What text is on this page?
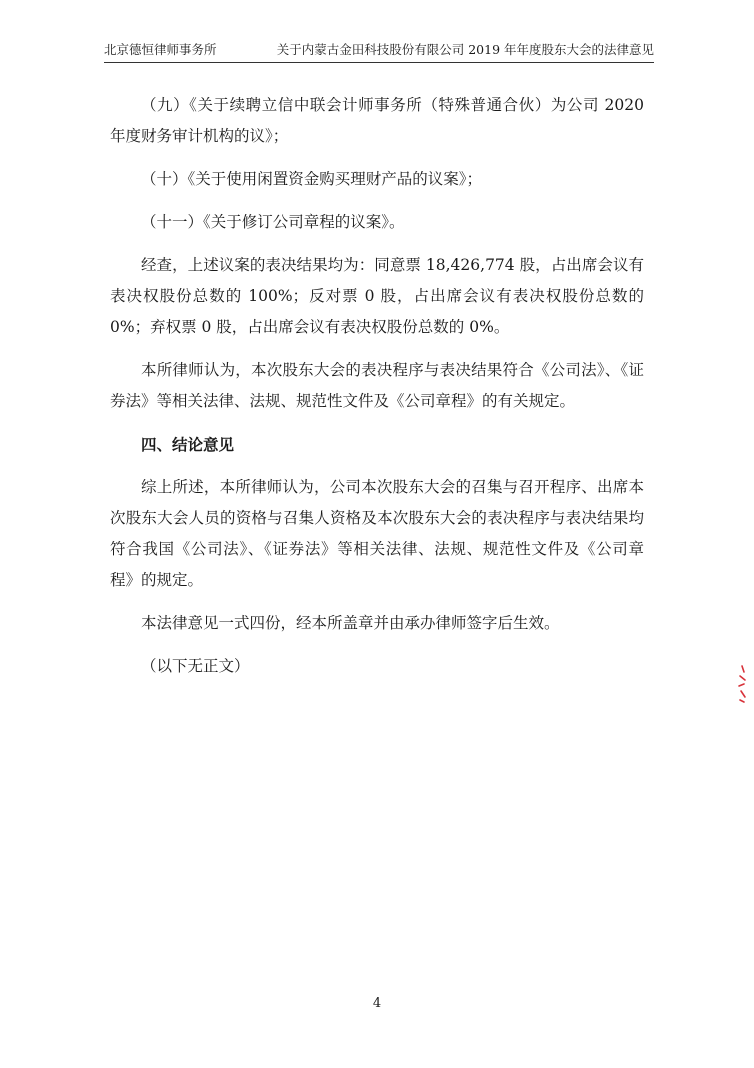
北京德恒律师事务所	关于内蒙古金田科技股份有限公司 2019 年年度股东大会的法律意见

（九）《关于续聘立信中联会计师事务所（特殊普通合伙）为公司 2020 年度财务审计机构的议》；

（十）《关于使用闲置资金购买理财产品的议案》；

（十一）《关于修订公司章程的议案》。

经查，上述议案的表决结果均为：同意票 18,426,774 股，占出席会议有表决权股份总数的 100%；反对票 0 股，占出席会议有表决权股份总数的 0%；弃权票 0 股，占出席会议有表决权股份总数的 0%。

本所律师认为，本次股东大会的表决程序与表决结果符合《公司法》、《证券法》等相关法律、法规、规范性文件及《公司章程》的有关规定。

四、结论意见

综上所述，本所律师认为，公司本次股东大会的召集与召开程序、出席本次股东大会人员的资格与召集人资格及本次股东大会的表决程序与表决结果均符合我国《公司法》、《证券法》等相关法律、法规、规范性文件及《公司章程》的规定。

本法律意见一式四份，经本所盖章并由承办律师签字后生效。

（以下无正文）

4
